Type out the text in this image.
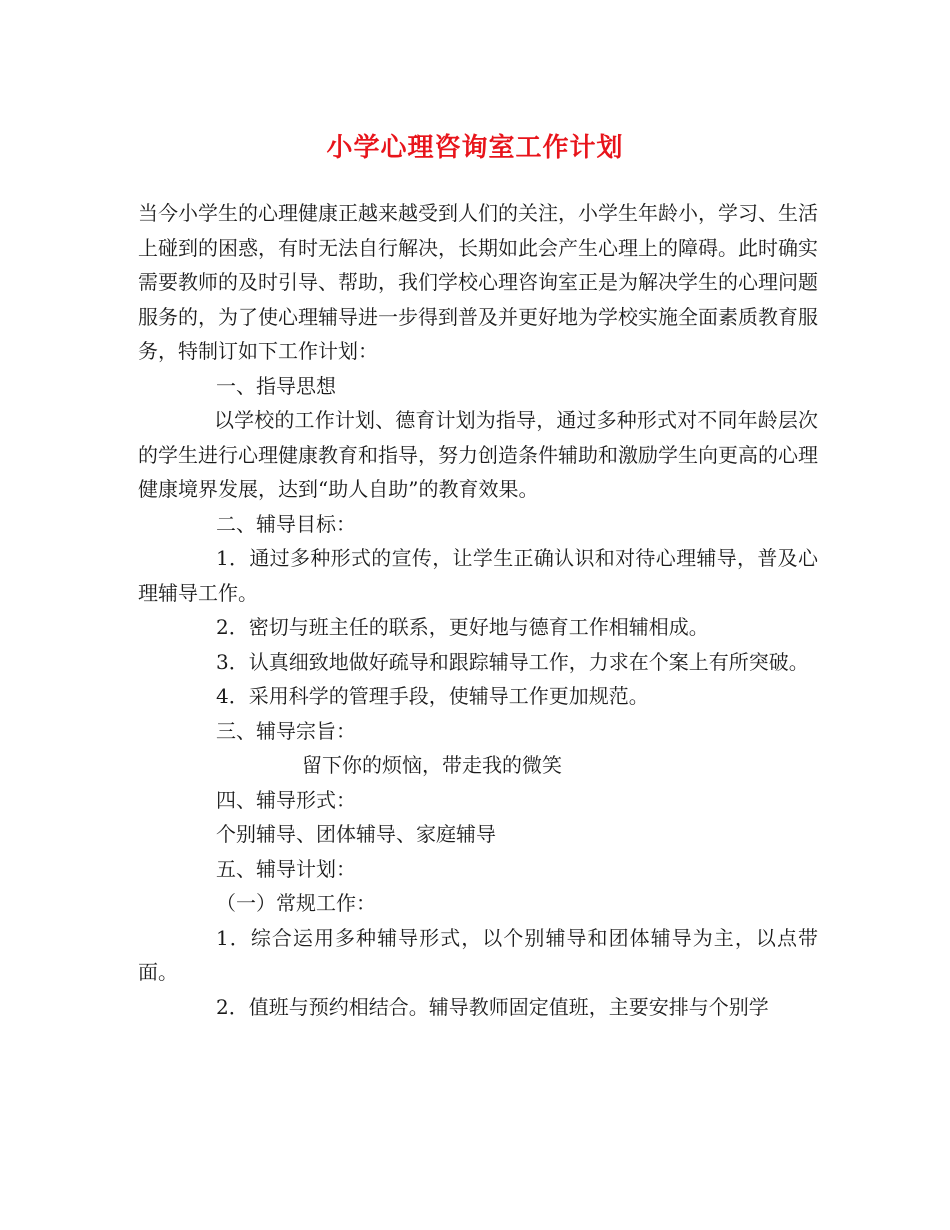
小学心理咨询室工作计划

当今小学生的心理健康正越来越受到人们的关注，小学生年龄小，学习、生活上碰到的困惑，有时无法自行解决，长期如此会产生心理上的障碍。此时确实需要教师的及时引导、帮助，我们学校心理咨询室正是为解决学生的心理问题服务的，为了使心理辅导进一步得到普及并更好地为学校实施全面素质教育服务，特制订如下工作计划：

一、指导思想

以学校的工作计划、德育计划为指导，通过多种形式对不同年龄层次的学生进行心理健康教育和指导，努力创造条件辅助和激励学生向更高的心理健康境界发展，达到“助人自助”的教育效果。

二、辅导目标：

1．通过多种形式的宣传，让学生正确认识和对待心理辅导，普及心理辅导工作。

2．密切与班主任的联系，更好地与德育工作相辅相成。

3．认真细致地做好疏导和跟踪辅导工作，力求在个案上有所突破。

4．采用科学的管理手段，使辅导工作更加规范。

三、辅导宗旨：

留下你的烦恼，带走我的微笑

四、辅导形式：

个别辅导、团体辅导、家庭辅导

五、辅导计划：

（一）常规工作：

1．综合运用多种辅导形式，以个别辅导和团体辅导为主，以点带面。

2．值班与预约相结合。辅导教师固定值班，主要安排与个别学
